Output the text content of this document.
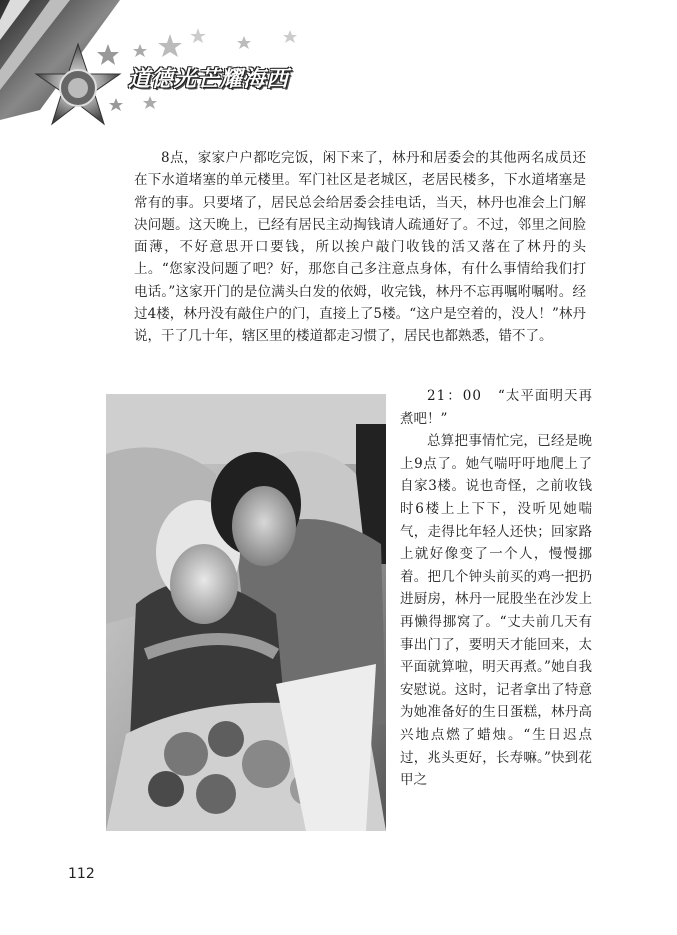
道德光芒耀海西

8点，家家户户都吃完饭，闲下来了，林丹和居委会的其他两名成员还在下水道堵塞的单元楼里。军门社区是老城区，老居民楼多，下水道堵塞是常有的事。只要堵了，居民总会给居委会挂电话，当天，林丹也准会上门解决问题。这天晚上，已经有居民主动掏钱请人疏通好了。不过，邻里之间脸面薄，不好意思开口要钱，所以挨户敲门收钱的活又落在了林丹的头上。“您家没问题了吧？好，那您自己多注意点身体，有什么事情给我们打电话。”这家开门的是位满头白发的依姆，收完钱，林丹不忘再嘱咐嘱咐。经过4楼，林丹没有敲住户的门，直接上了5楼。“这户是空着的，没人！”林丹说，干了几十年，辖区里的楼道都走习惯了，居民也都熟悉，错不了。

21：00 “太平面明天再煮吧！”

总算把事情忙完，已经是晚上9点了。她气喘吁吁地爬上了自家3楼。说也奇怪，之前收钱时6楼上上下下，没听见她喘气，走得比年轻人还快；回家路上就好像变了一个人，慢慢挪着。把几个钟头前买的鸡一把扔进厨房，林丹一屁股坐在沙发上再懒得挪窝了。“丈夫前几天有事出门了，要明天才能回来，太平面就算啦，明天再煮。”她自我安慰说。这时，记者拿出了特意为她准备好的生日蛋糕，林丹高兴地点燃了蜡烛。“生日迟点过，兆头更好，长寿嘛。”快到花甲之

112
